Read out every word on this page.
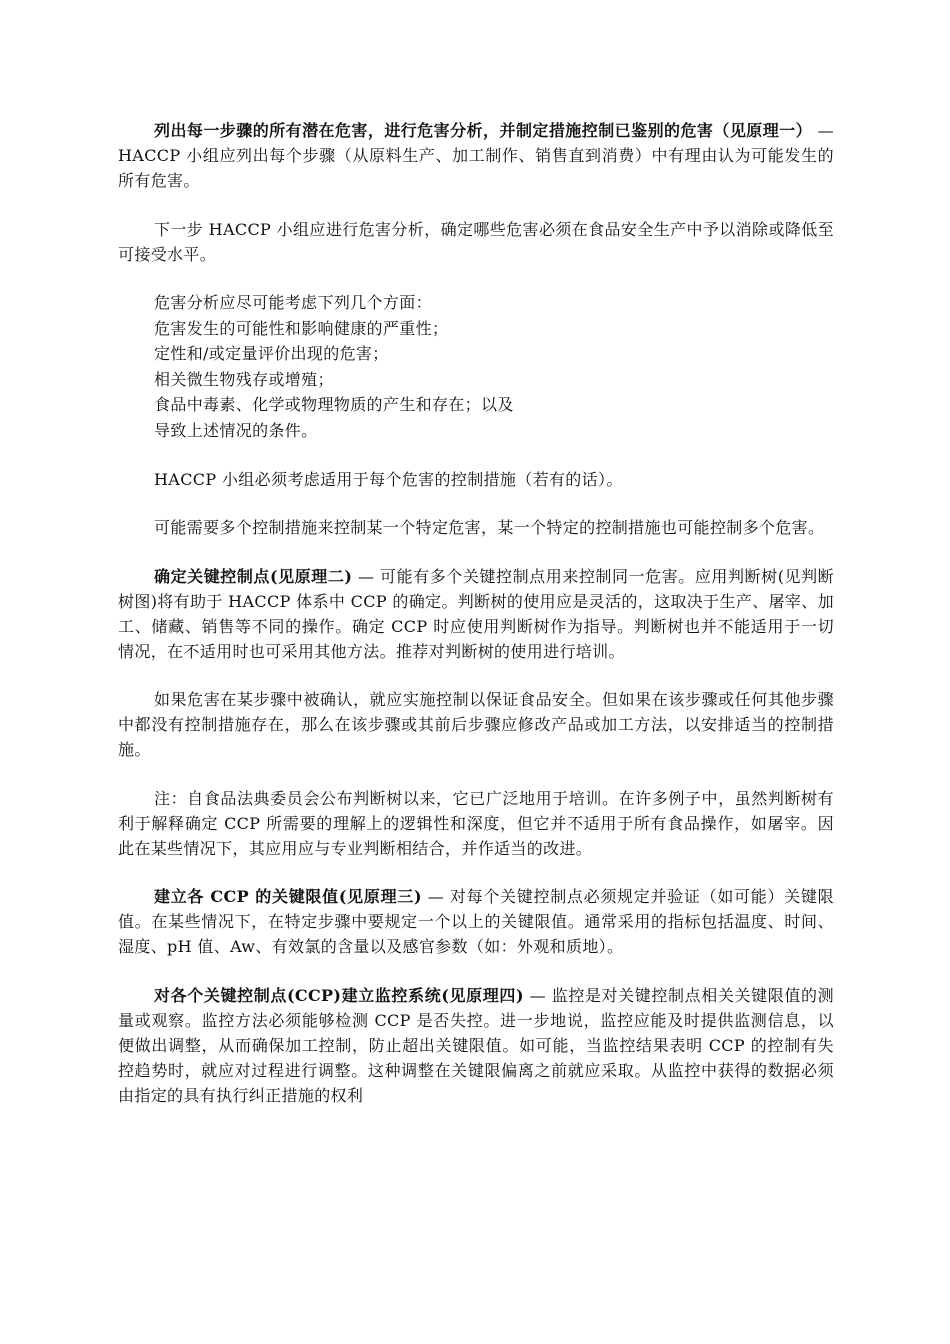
列出每一步骤的所有潜在危害，进行危害分析，并制定措施控制已鉴别的危害（见原理一） — HACCP 小组应列出每个步骤（从原料生产、加工制作、销售直到消费）中有理由认为可能发生的所有危害。

下一步 HACCP 小组应进行危害分析，确定哪些危害必须在食品安全生产中予以消除或降低至可接受水平。

危害分析应尽可能考虑下列几个方面：
危害发生的可能性和影响健康的严重性；
定性和/或定量评价出现的危害；
相关微生物残存或增殖；
食品中毒素、化学或物理物质的产生和存在；以及
导致上述情况的条件。

HACCP 小组必须考虑适用于每个危害的控制措施（若有的话）。

可能需要多个控制措施来控制某一个特定危害，某一个特定的控制措施也可能控制多个危害。

确定关键控制点(见原理二) — 可能有多个关键控制点用来控制同一危害。应用判断树(见判断树图)将有助于 HACCP 体系中 CCP 的确定。判断树的使用应是灵活的，这取决于生产、屠宰、加工、储藏、销售等不同的操作。确定 CCP 时应使用判断树作为指导。判断树也并不能适用于一切情况，在不适用时也可采用其他方法。推荐对判断树的使用进行培训。

如果危害在某步骤中被确认，就应实施控制以保证食品安全。但如果在该步骤或任何其他步骤中都没有控制措施存在，那么在该步骤或其前后步骤应修改产品或加工方法，以安排适当的控制措施。

注：自食品法典委员会公布判断树以来，它已广泛地用于培训。在许多例子中，虽然判断树有利于解释确定 CCP 所需要的理解上的逻辑性和深度，但它并不适用于所有食品操作，如屠宰。因此在某些情况下，其应用应与专业判断相结合，并作适当的改进。

建立各 CCP 的关键限值(见原理三) — 对每个关键控制点必须规定并验证（如可能）关键限值。在某些情况下，在特定步骤中要规定一个以上的关键限值。通常采用的指标包括温度、时间、湿度、pH 值、Aw、有效氯的含量以及感官参数（如：外观和质地）。

对各个关键控制点(CCP)建立监控系统(见原理四) — 监控是对关键控制点相关关键限值的测量或观察。监控方法必须能够检测 CCP 是否失控。进一步地说，监控应能及时提供监测信息，以便做出调整，从而确保加工控制，防止超出关键限值。如可能，当监控结果表明 CCP 的控制有失控趋势时，就应对过程进行调整。这种调整在关键限偏离之前就应采取。从监控中获得的数据必须由指定的具有执行纠正措施的权利
